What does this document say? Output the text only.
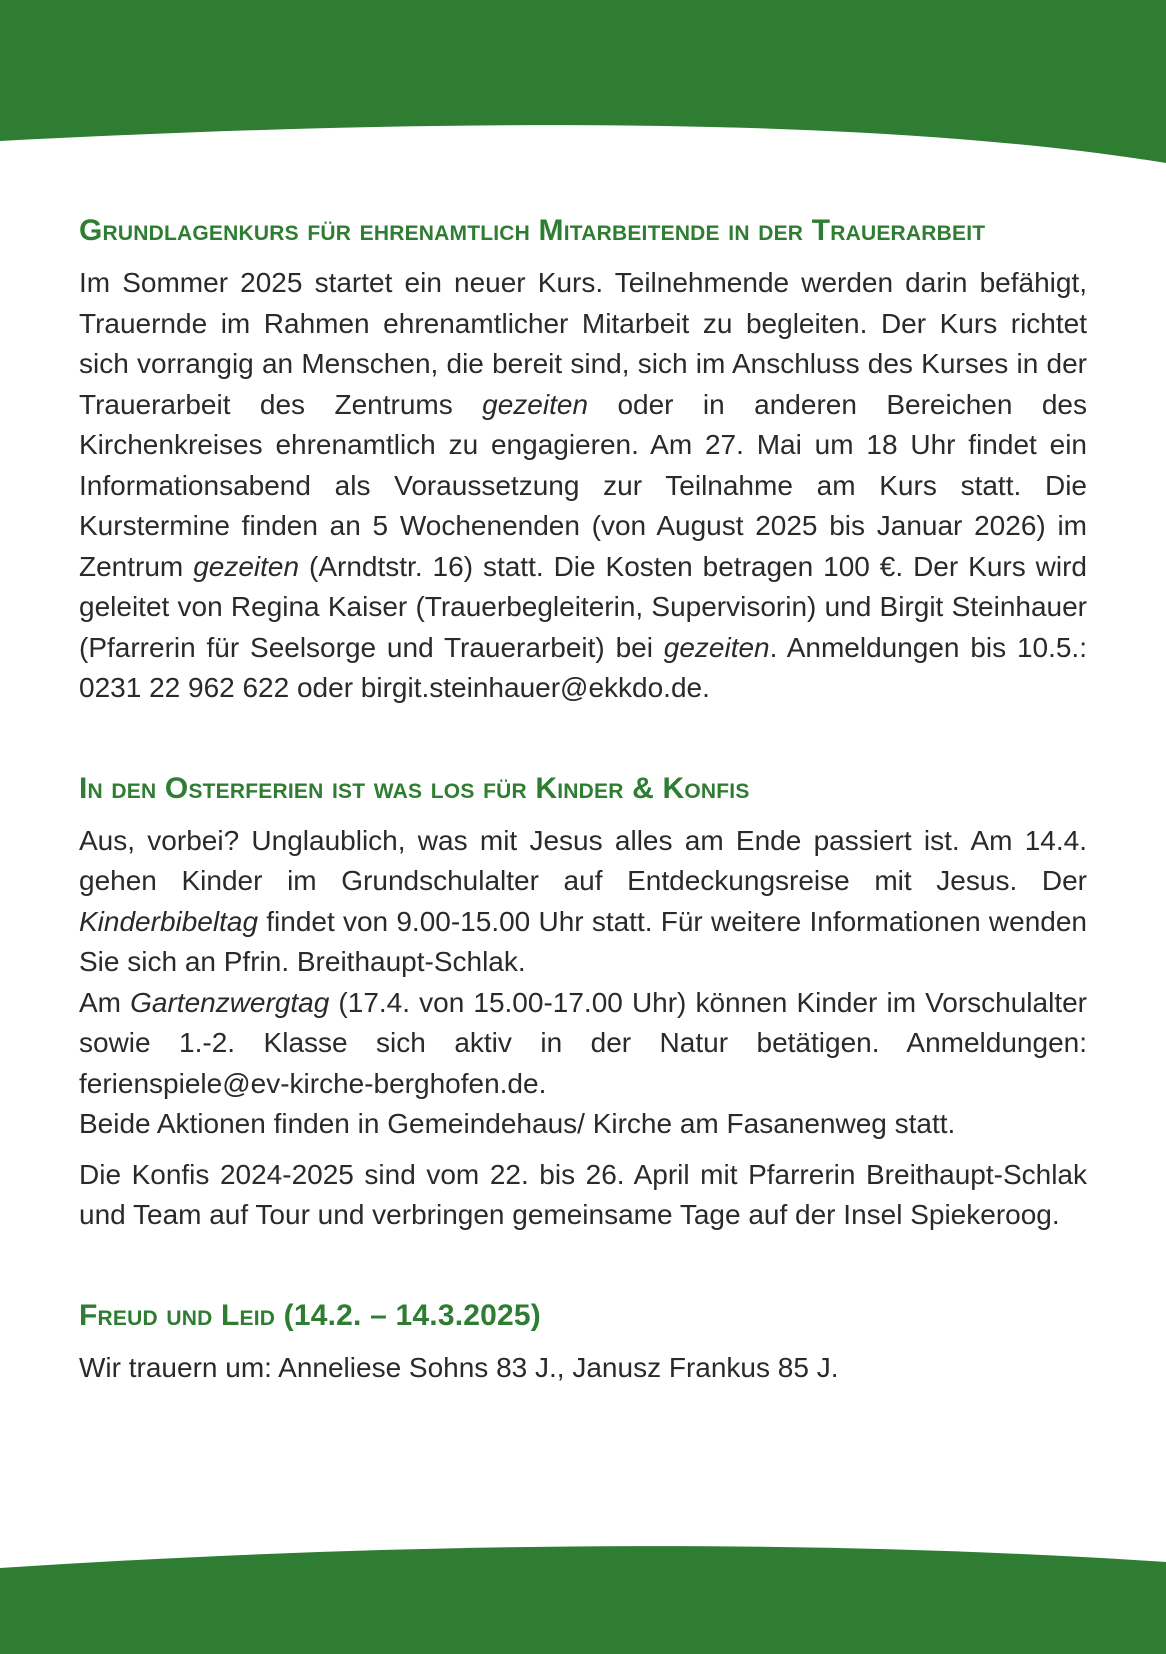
Grundlagenkurs für ehrenamtlich Mitarbeitende in der Trauerarbeit

Im Sommer 2025 startet ein neuer Kurs. Teilnehmende werden darin befähigt, Trauernde im Rahmen ehrenamtlicher Mitarbeit zu begleiten. Der Kurs richtet sich vorrangig an Menschen, die bereit sind, sich im Anschluss des Kurses in der Trauerarbeit des Zentrums gezeiten oder in anderen Bereichen des Kirchenkreises ehrenamtlich zu engagieren. Am 27. Mai um 18 Uhr findet ein Informationsabend als Voraussetzung zur Teilnahme am Kurs statt. Die Kurstermine finden an 5 Wochenenden (von August 2025 bis Januar 2026) im Zentrum gezeiten (Arndtstr. 16) statt. Die Kosten betragen 100 €. Der Kurs wird geleitet von Regina Kaiser (Trauerbegleiterin, Supervisorin) und Birgit Steinhauer (Pfarrerin für Seelsorge und Trauerarbeit) bei gezeiten. Anmeldungen bis 10.5.: 0231 22 962 622 oder birgit.steinhauer@ekkdo.de.

In den Osterferien ist was los für Kinder & Konfis

Aus, vorbei? Unglaublich, was mit Jesus alles am Ende passiert ist. Am 14.4. gehen Kinder im Grundschulalter auf Entdeckungsreise mit Jesus. Der Kinderbibeltag findet von 9.00-15.00 Uhr statt. Für weitere Informationen wenden Sie sich an Pfrin. Breithaupt-Schlak.

Am Gartenzwergtag (17.4. von 15.00-17.00 Uhr) können Kinder im Vorschulalter sowie 1.-2. Klasse sich aktiv in der Natur betätigen. Anmeldungen: ferienspiele@ev-kirche-berghofen.de.

Beide Aktionen finden in Gemeindehaus/ Kirche am Fasanenweg statt.

Die Konfis 2024-2025 sind vom 22. bis 26. April mit Pfarrerin Breithaupt-Schlak und Team auf Tour und verbringen gemeinsame Tage auf der Insel Spiekeroog.

Freud und Leid (14.2. – 14.3.2025)

Wir trauern um: Anneliese Sohns 83 J., Janusz Frankus 85 J.
